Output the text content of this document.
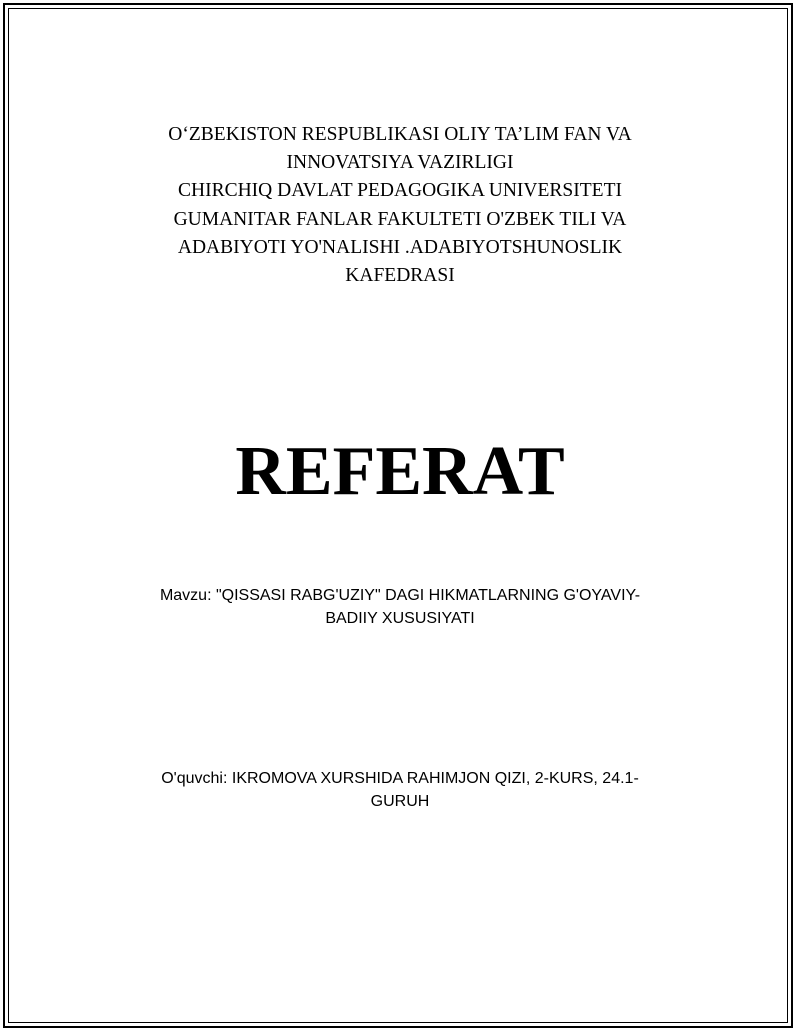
O‘ZBEKISTON RESPUBLIKASI OLIY TA’LIM FAN VA
INNOVATSIYA VAZIRLIGI
CHIRCHIQ DAVLAT PEDAGOGIKA UNIVERSITETI
GUMANITAR FANLAR FAKULTETI O'ZBEK TILI VA
ADABIYOTI YO'NALISHI .ADABIYOTSHUNOSLIK
KAFEDRASI
REFERAT
Mavzu: "QISSASI RABG'UZIY" DAGI HIKMATLARNING G'OYAVIY-
BADIIY XUSUSIYATI
O'quvchi: IKROMOVA XURSHIDA RAHIMJON QIZI, 2-KURS, 24.1-
GURUH
